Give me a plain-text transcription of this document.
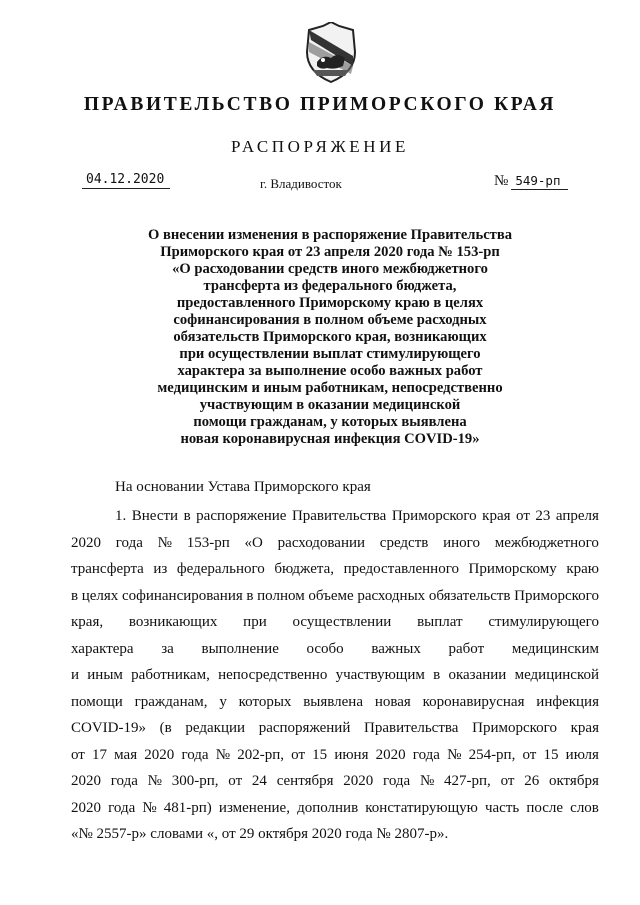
ПРАВИТЕЛЬСТВО ПРИМОРСКОГО КРАЯ
РАСПОРЯЖЕНИЕ
04.12.2020	г. Владивосток	№ 549-рп
О внесении изменения в распоряжение Правительства
Приморского края от 23 апреля 2020 года № 153-рп
«О расходовании средств иного межбюджетного
трансферта из федерального бюджета,
предоставленного Приморскому краю в целях
софинансирования в полном объеме расходных
обязательств Приморского края, возникающих
при осуществлении выплат стимулирующего
характера за выполнение особо важных работ
медицинским и иным работникам, непосредственно
участвующим в оказании медицинской
помощи гражданам, у которых выявлена
новая коронавирусная инфекция COVID-19»
На основании Устава Приморского края
1. Внести в распоряжение Правительства Приморского края от 23 апреля
2020 года № 153-рп «О расходовании средств иного межбюджетного
трансферта из федерального бюджета, предоставленного Приморскому краю
в целях софинансирования в полном объеме расходных обязательств Приморского
края, возникающих при осуществлении выплат стимулирующего
характера за выполнение особо важных работ медицинским
и иным работникам, непосредственно участвующим в оказании медицинской
помощи гражданам, у которых выявлена новая коронавирусная инфекция
COVID-19» (в редакции распоряжений Правительства Приморского края
от 17 мая 2020 года № 202-рп, от 15 июня 2020 года № 254-рп, от 15 июля
2020 года № 300-рп, от 24 сентября 2020 года № 427-рп, от 26 октября
2020 года № 481-рп) изменение, дополнив констатирующую часть после слов
«№ 2557-р» словами «, от 29 октября 2020 года № 2807-р».
